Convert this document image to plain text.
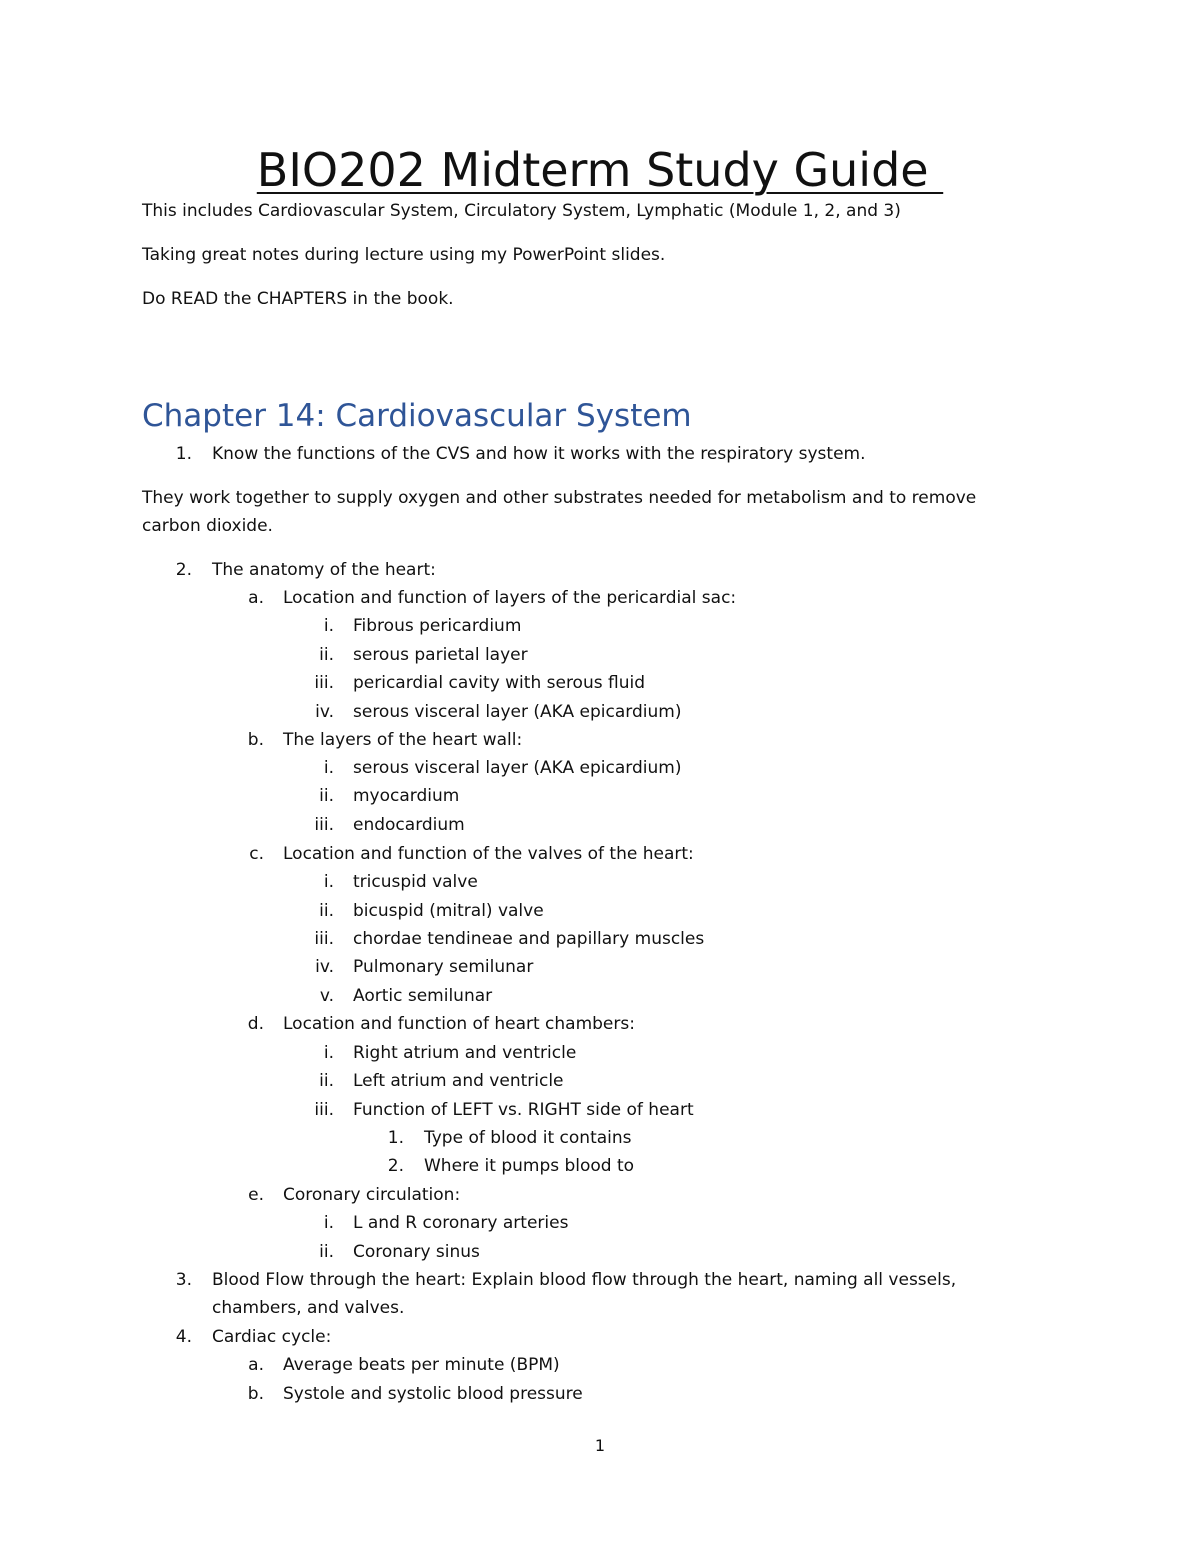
BIO202 Midterm Study Guide
This includes Cardiovascular System, Circulatory System, Lymphatic (Module 1, 2, and 3)
Taking great notes during lecture using my PowerPoint slides.
Do READ the CHAPTERS in the book.
Chapter 14: Cardiovascular System
1. Know the functions of the CVS and how it works with the respiratory system.
They work together to supply oxygen and other substrates needed for metabolism and to remove
carbon dioxide.
2. The anatomy of the heart:
a. Location and function of layers of the pericardial sac:
i. Fibrous pericardium
ii. serous parietal layer
iii. pericardial cavity with serous fluid
iv. serous visceral layer (AKA epicardium)
b. The layers of the heart wall:
i. serous visceral layer (AKA epicardium)
ii. myocardium
iii. endocardium
c. Location and function of the valves of the heart:
i. tricuspid valve
ii. bicuspid (mitral) valve
iii. chordae tendineae and papillary muscles
iv. Pulmonary semilunar
v. Aortic semilunar
d. Location and function of heart chambers:
i. Right atrium and ventricle
ii. Left atrium and ventricle
iii. Function of LEFT vs. RIGHT side of heart
1. Type of blood it contains
2. Where it pumps blood to
e. Coronary circulation:
i. L and R coronary arteries
ii. Coronary sinus
3. Blood Flow through the heart: Explain blood flow through the heart, naming all vessels,
chambers, and valves.
4. Cardiac cycle:
a. Average beats per minute (BPM)
b. Systole and systolic blood pressure
1
